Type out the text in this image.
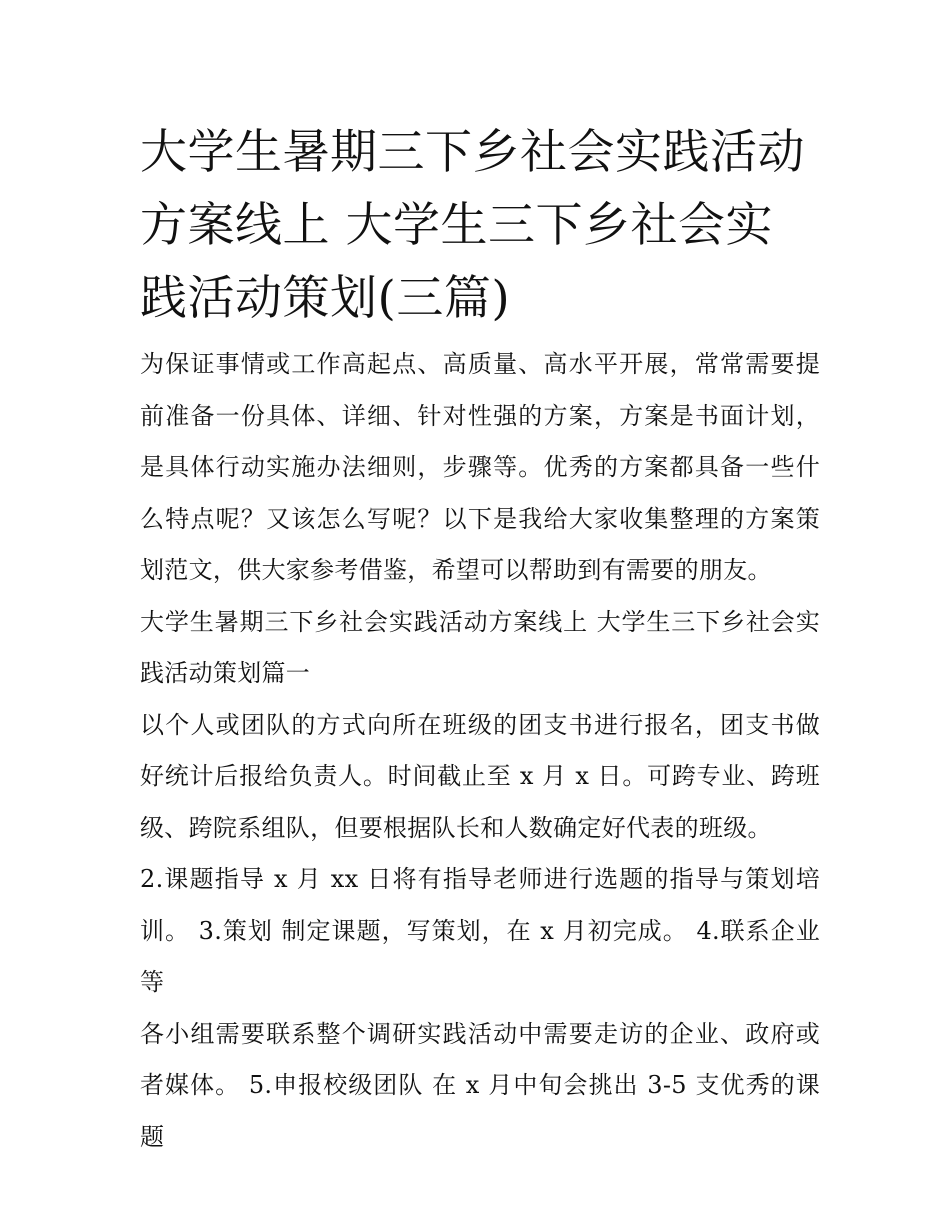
大学生暑期三下乡社会实践活动方案线上 大学生三下乡社会实践活动策划(三篇)

为保证事情或工作高起点、高质量、高水平开展，常常需要提前准备一份具体、详细、针对性强的方案，方案是书面计划，是具体行动实施办法细则，步骤等。优秀的方案都具备一些什么特点呢？又该怎么写呢？以下是我给大家收集整理的方案策划范文，供大家参考借鉴，希望可以帮助到有需要的朋友。

大学生暑期三下乡社会实践活动方案线上 大学生三下乡社会实践活动策划篇一

以个人或团队的方式向所在班级的团支书进行报名，团支书做好统计后报给负责人。时间截止至 x 月 x 日。可跨专业、跨班级、跨院系组队，但要根据队长和人数确定好代表的班级。

2.课题指导 x 月 xx 日将有指导老师进行选题的指导与策划培训。 3.策划 制定课题，写策划，在 x 月初完成。 4.联系企业等

各小组需要联系整个调研实践活动中需要走访的企业、政府或者媒体。 5.申报校级团队 在 x 月中旬会挑出 3-5 支优秀的课题
